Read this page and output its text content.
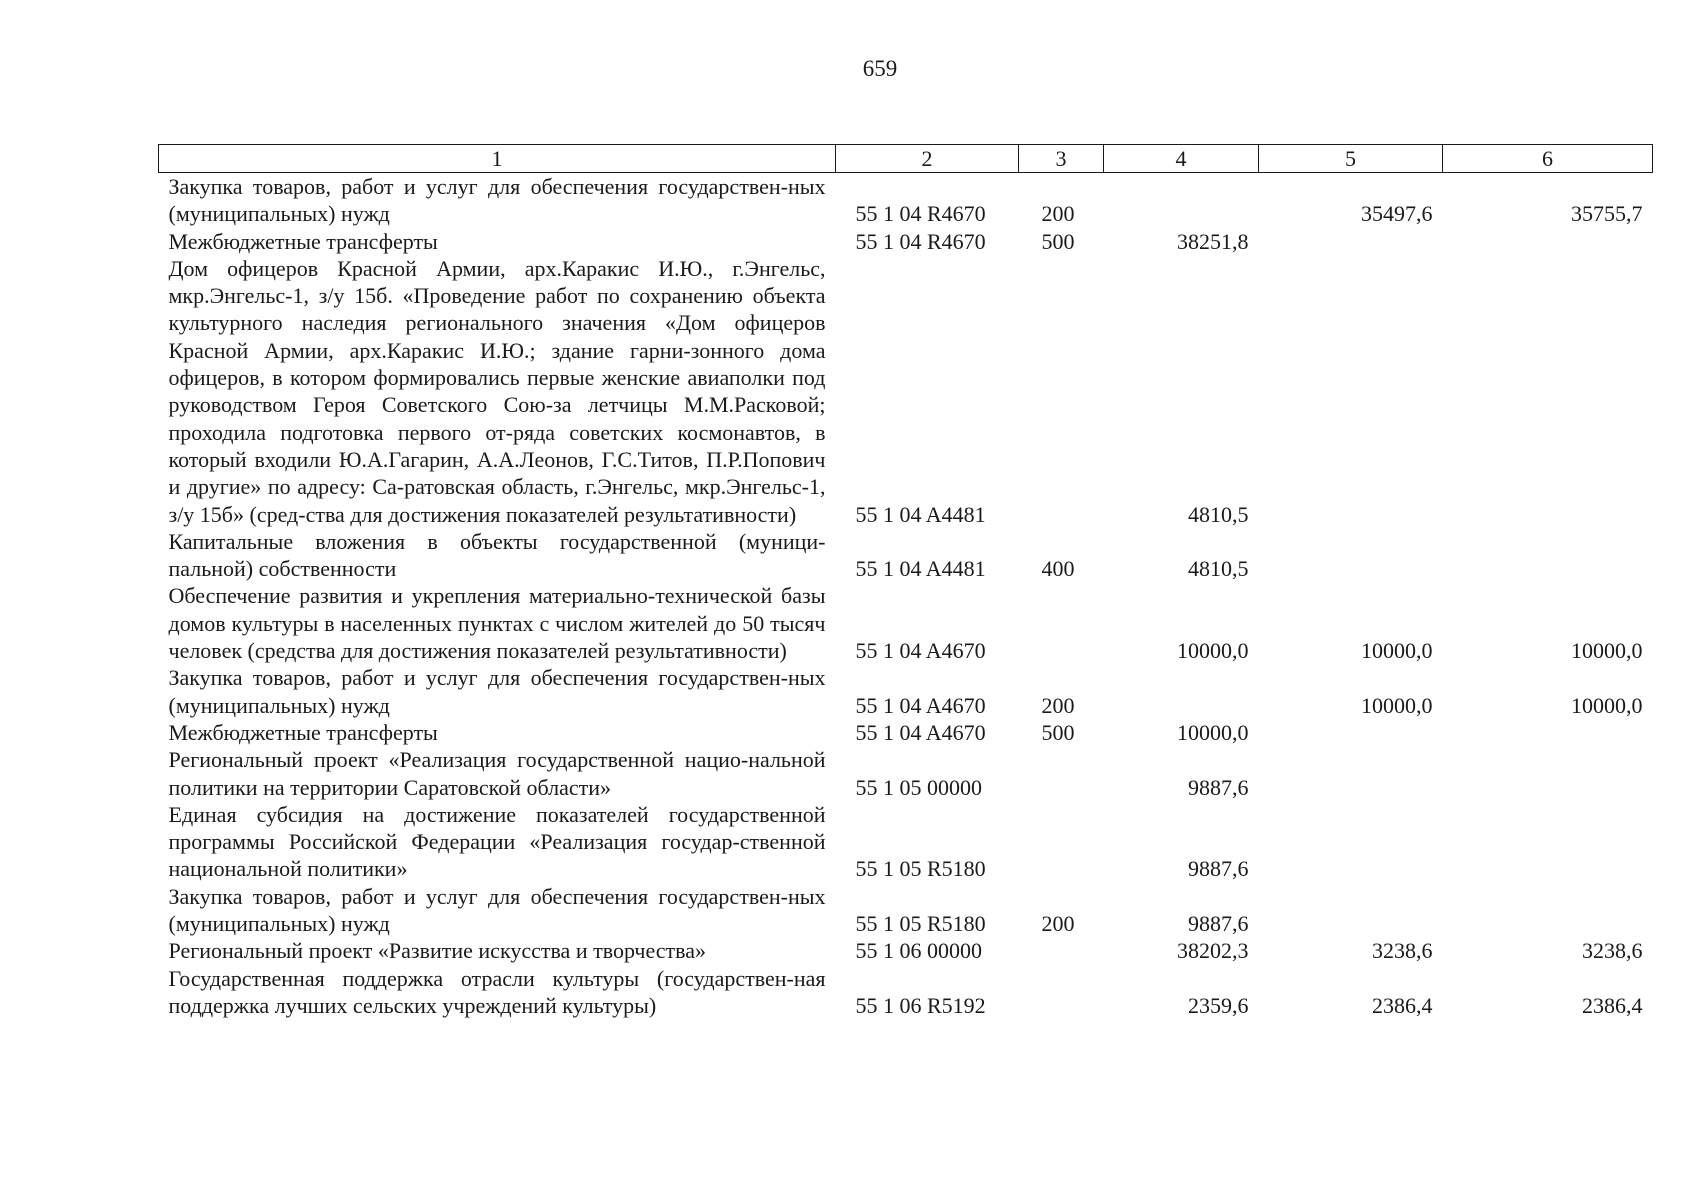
659
1	2	3	4	5	6
Закупка товаров, работ и услуг для обеспечения государствен-ных (муниципальных) нужд	55 1 04 R4670	200		35497,6	35755,7
Межбюджетные трансферты	55 1 04 R4670	500	38251,8		
Дом офицеров Красной Армии, арх.Каракис И.Ю., г.Энгельс, мкр.Энгельс-1, з/у 15б. «Проведение работ по сохранению объекта культурного наследия регионального значения «Дом офицеров Красной Армии, арх.Каракис И.Ю.; здание гарни-зонного дома офицеров, в котором формировались первые женские авиаполки под руководством Героя Советского Сою-за летчицы М.М.Расковой; проходила подготовка первого от-ряда советских космонавтов, в который входили Ю.А.Гагарин, А.А.Леонов, Г.С.Титов, П.Р.Попович и другие» по адресу: Са-ратовская область, г.Энгельс, мкр.Энгельс-1, з/у 15б» (сред-ства для достижения показателей результативности)	55 1 04 A4481		4810,5		
Капитальные вложения в объекты государственной (муници-пальной) собственности	55 1 04 A4481	400	4810,5		
Обеспечение развития и укрепления материально-технической базы домов культуры в населенных пунктах с числом жителей до 50 тысяч человек (средства для достижения показателей результативности)	55 1 04 A4670		10000,0	10000,0	10000,0
Закупка товаров, работ и услуг для обеспечения государствен-ных (муниципальных) нужд	55 1 04 A4670	200		10000,0	10000,0
Межбюджетные трансферты	55 1 04 A4670	500	10000,0		
Региональный проект «Реализация государственной нацио-нальной политики на территории Саратовской области»	55 1 05 00000		9887,6		
Единая субсидия на достижение показателей государственной программы Российской Федерации «Реализация государ-ственной национальной политики»	55 1 05 R5180		9887,6		
Закупка товаров, работ и услуг для обеспечения государствен-ных (муниципальных) нужд	55 1 05 R5180	200	9887,6		
Региональный проект «Развитие искусства и творчества»	55 1 06 00000		38202,3	3238,6	3238,6
Государственная поддержка отрасли культуры (государствен-ная поддержка лучших сельских учреждений культуры)	55 1 06 R5192		2359,6	2386,4	2386,4
